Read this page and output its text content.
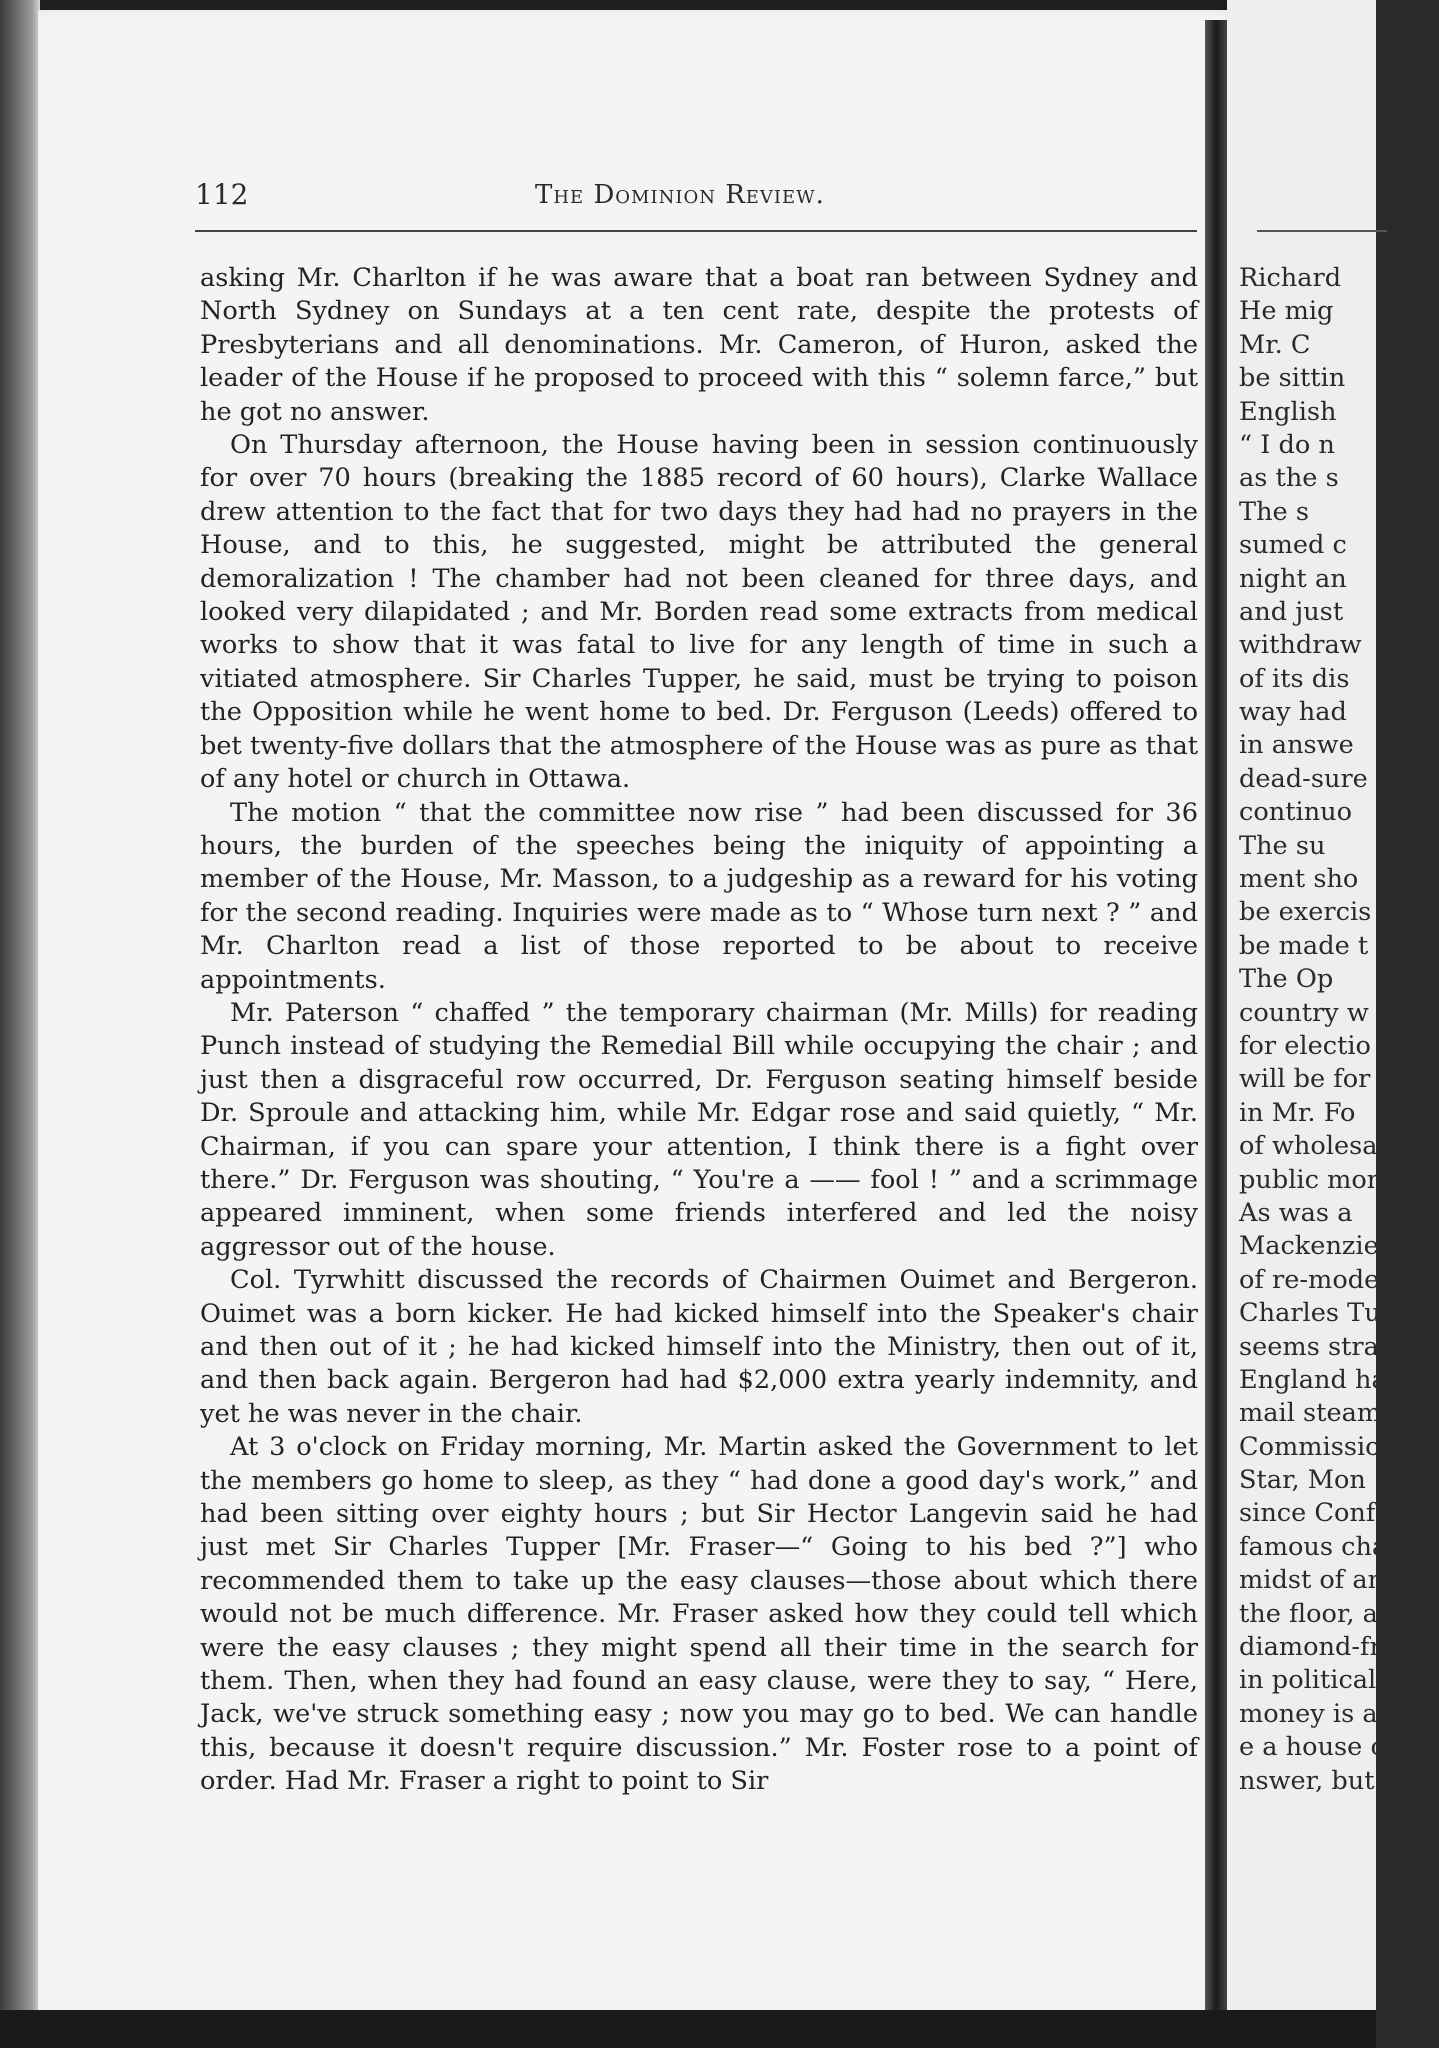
112	The Dominion Review.

asking Mr. Charlton if he was aware that a boat ran between Sydney and North Sydney on Sundays at a ten cent rate, despite the protests of Presbyterians and all denominations. Mr. Cameron, of Huron, asked the leader of the House if he proposed to proceed with this “ solemn farce,” but he got no answer.

On Thursday afternoon, the House having been in session continuously for over 70 hours (breaking the 1885 record of 60 hours), Clarke Wallace drew attention to the fact that for two days they had had no prayers in the House, and to this, he suggested, might be attributed the general demoralization ! The chamber had not been cleaned for three days, and looked very dilapidated ; and Mr. Borden read some extracts from medical works to show that it was fatal to live for any length of time in such a vitiated atmosphere. Sir Charles Tupper, he said, must be trying to poison the Opposition while he went home to bed. Dr. Ferguson (Leeds) offered to bet twenty-five dollars that the atmosphere of the House was as pure as that of any hotel or church in Ottawa.

The motion “ that the committee now rise ” had been discussed for 36 hours, the burden of the speeches being the iniquity of appointing a member of the House, Mr. Masson, to a judgeship as a reward for his voting for the second reading. Inquiries were made as to “ Whose turn next ? ” and Mr. Charlton read a list of those reported to be about to receive appointments.

Mr. Paterson “ chaffed ” the temporary chairman (Mr. Mills) for reading Punch instead of studying the Remedial Bill while occupying the chair ; and just then a disgraceful row occurred, Dr. Ferguson seating himself beside Dr. Sproule and attacking him, while Mr. Edgar rose and said quietly, “ Mr. Chairman, if you can spare your attention, I think there is a fight over there.” Dr. Ferguson was shouting, “ You're a —— fool ! ” and a scrimmage appeared imminent, when some friends interfered and led the noisy aggressor out of the house.

Col. Tyrwhitt discussed the records of Chairmen Ouimet and Bergeron. Ouimet was a born kicker. He had kicked himself into the Speaker's chair and then out of it ; he had kicked himself into the Ministry, then out of it, and then back again. Bergeron had had $2,000 extra yearly indemnity, and yet he was never in the chair.

At 3 o'clock on Friday morning, Mr. Martin asked the Government to let the members go home to sleep, as they “ had done a good day's work,” and had been sitting over eighty hours ; but Sir Hector Langevin said he had just met Sir Charles Tupper [Mr. Fraser—“ Going to his bed ?”] who recommended them to take up the easy clauses—those about which there would not be much difference. Mr. Fraser asked how they could tell which were the easy clauses ; they might spend all their time in the search for them. Then, when they had found an easy clause, were they to say, “ Here, Jack, we've struck something easy ; now you may go to bed. We can handle this, because it doesn't require discussion.” Mr. Foster rose to a point of order. Had Mr. Fraser a right to point to Sir

Richard
He mig
Mr. C
be sittin
English
“ I do n
as the s
The s
sumed c
night an
and just
withdraw
of its dis
way had
in answe
dead-sure
continuo
The su
ment sho
be exercis
be made t
The Op
country w
for electio
will be for
in Mr. Fo
of wholesa
public mon
As was a
Mackenzie
of re-mode
Charles Tu
seems stran
England ha
mail steam
Commission
Star, Mon
since Confe
famous cha
midst of an
the floor, a
diamond-fra
in political
money is an
e a house o
nswer, but
